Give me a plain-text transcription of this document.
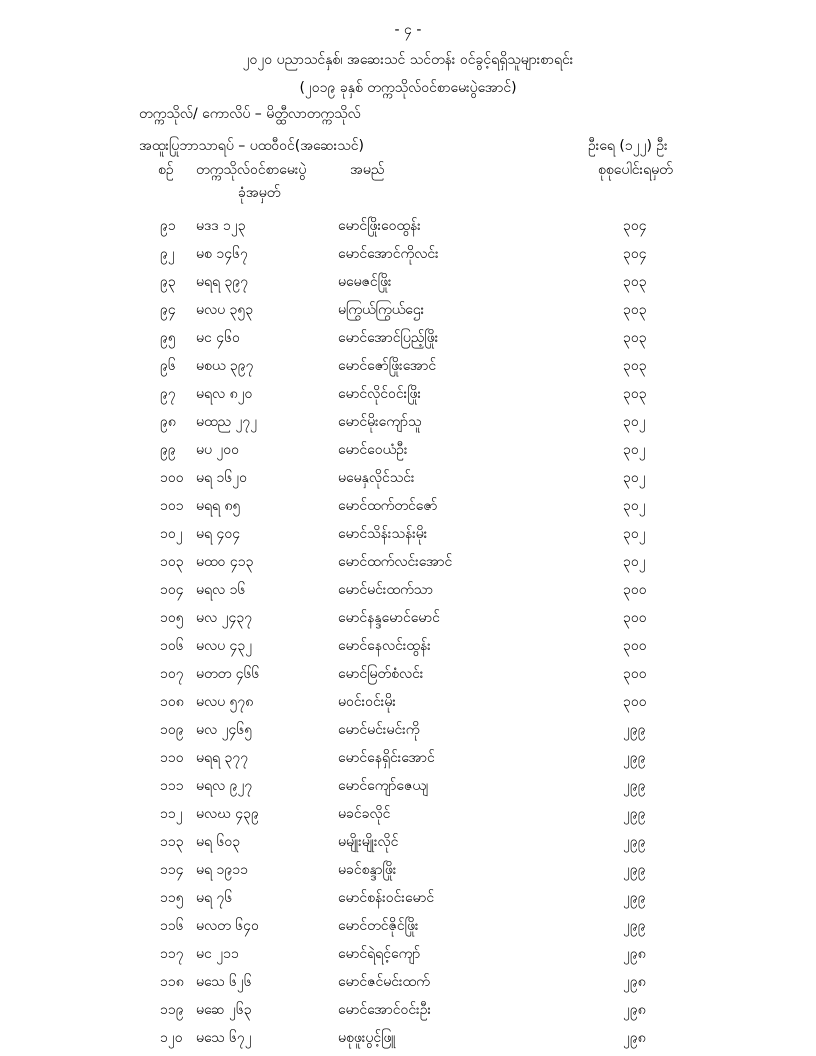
- ၄ -
၂၀၂၀ ပညာသင်နှစ်၊ အဆေးသင် သင်တန်း ဝင်ခွင့်ရရှိသူများစာရင်း
(၂၀၁၉ ခုနှစ် တက္ကသိုလ်ဝင်စာမေးပွဲအောင်)
တက္ကသိုလ်/ ကောလိပ် – မိတ္ထီလာတက္ကသိုလ်
အထူးပြုဘာသာရပ် – ပထဝီဝင်(အဆေးသင်)	ဦးရေ (၁၂၂) ဦး
စဉ် တက္ကသိုလ်ဝင်စာမေးပွဲ
ခုံအမှတ်
အမည်	စုစုပေါင်းရမှတ်
၉၁ မဒဒ ၁၂၃	မောင်ဖြိုးဝေထွန်း	၃၀၄
၉၂ မစ ၁၄၆၇	မောင်အောင်ကိုလင်း	၃၀၄
၉၃ မရရ ၃၉၇	မမေဇင်ဖြိုး	၃၀၃
၉၄ မလပ ၃၅၃	မကြွယ်ကြွယ်ဌေး	၃၀၃
၉၅ မင ၄၆၀	မောင်အောင်ပြည့်ဖြိုး	၃၀၃
၉၆ မစယ ၃၉၇	မောင်ဇော်ဖြိုးအောင်	၃၀၃
၉၇ မရလ ၈၂၀	မောင်လိုင်ဝင်းဖြိုး	၃၀၃
၉၈ မထည ၂၇၂	မောင်မိုးကျော်သူ	၃၀၂
၉၉ မပ ၂၀၀	မောင်ဝေယံဦး	၃၀၂
၁၀၀ မရ ၁၆၂၀	မမေနှလိုင်သင်း	၃၀၂
၁၀၁ မရရ ၈၅	မောင်ထက်တင်ဇော်	၃၀၂
၁၀၂ မရ ၄၀၄	မောင်သိန်းသန်းမိုး	၃၀၂
၁၀၃ မထဝ ၄၁၃	မောင်ထက်လင်းအောင်	၃၀၂
၁၀၄ မရလ ၁၆	မောင်မင်းထက်သာ	၃၀၀
၁၀၅ မလ ၂၄၃၇	မောင်နန္ဒမောင်မောင်	၃၀၀
၁၀၆ မလပ ၄၃၂	မောင်နေလင်းထွန်း	၃၀၀
၁၀၇ မတတ ၄၆၆	မောင်မြတ်စံလင်း	၃၀၀
၁၀၈ မလပ ၅၇၈	မဝင်းဝင်းမိုး	၃၀၀
၁၀၉ မလ ၂၄၆၅	မောင်မင်းမင်းကို	၂၉၉
၁၁၀ မရရ ၃၇၇	မောင်နေရှိင်းအောင်	၂၉၉
၁၁၁ မရလ ၉၂၇	မောင်ကျော်ဇေယျ	၂၉၉
၁၁၂ မလဃ ၄၃၉	မခင်ခလိုင်	၂၉၉
၁၁၃ မရ ၆၀၃	မမျိုးမျိုးလိုင်	၂၉၉
၁၁၄ မရ ၁၉၁၁	မခင်စန္ဒာဖြိုး	၂၉၉
၁၁၅ မရ ၇၆	မောင်စန်းဝင်းမောင်	၂၉၉
၁၁၆ မလတ ၆၄၀	မောင်တင်ဇိုင်ဖြိုး	၂၉၉
၁၁၇ မင ၂၁၁	မောင်ရဲရင့်ကျော်	၂၉၈
၁၁၈ မသေ ၆၂၆	မောင်ဇင်မင်းထက်	၂၉၈
၁၁၉ မဆေ ၂၆၃	မောင်အောင်ဝင်းဦး	၂၉၈
၁၂၀ မသေ ၆၇၂	မစုဖူးပွင့်ဖြူ	၂၉၈
